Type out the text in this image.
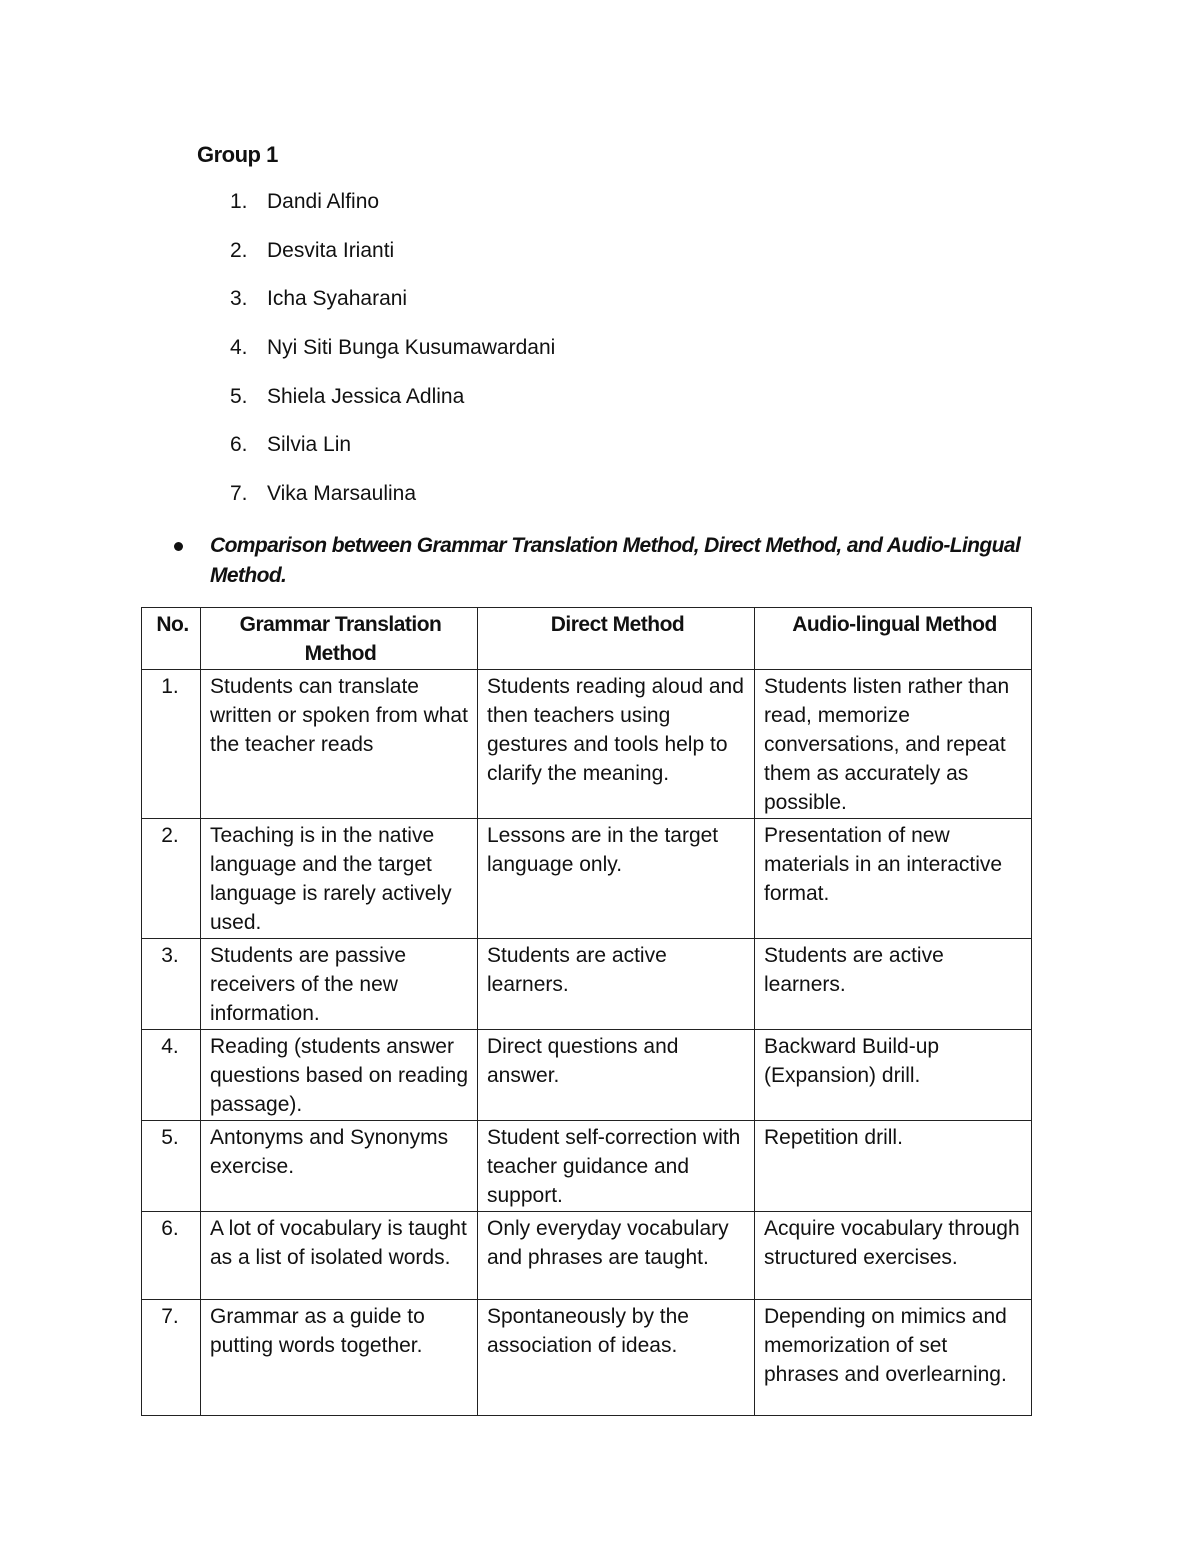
Group 1
1. Dandi Alfino
2. Desvita Irianti
3. Icha Syaharani
4. Nyi Siti Bunga Kusumawardani
5. Shiela Jessica Adlina
6. Silvia Lin
7. Vika Marsaulina
Comparison between Grammar Translation Method, Direct Method, and Audio-Lingual Method.
No.	Grammar Translation Method	Direct Method	Audio-lingual Method
1.	Students can translate written or spoken from what the teacher reads	Students reading aloud and then teachers using gestures and tools help to clarify the meaning.	Students listen rather than read, memorize conversations, and repeat them as accurately as possible.
2.	Teaching is in the native language and the target language is rarely actively used.	Lessons are in the target language only.	Presentation of new materials in an interactive format.
3.	Students are passive receivers of the new information.	Students are active learners.	Students are active learners.
4.	Reading (students answer questions based on reading passage).	Direct questions and answer.	Backward Build-up (Expansion) drill.
5.	Antonyms and Synonyms exercise.	Student self-correction with teacher guidance and support.	Repetition drill.
6.	A lot of vocabulary is taught as a list of isolated words.	Only everyday vocabulary and phrases are taught.	Acquire vocabulary through structured exercises.
7.	Grammar as a guide to putting words together.	Spontaneously by the association of ideas.	Depending on mimics and memorization of set phrases and overlearning.
